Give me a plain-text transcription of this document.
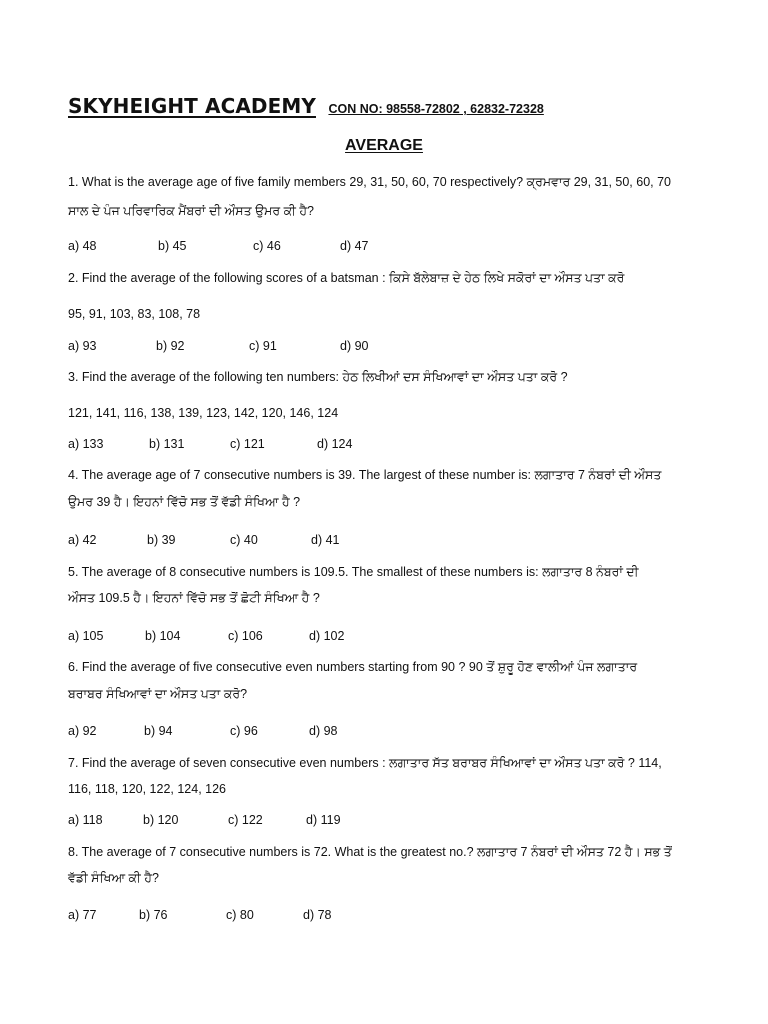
SKYHEIGHT ACADEMY CON NO: 98558-72802 , 62832-72328
AVERAGE
1. What is the average age of five family members 29, 31, 50, 60, 70 respectively? ਕ੍ਰਮਵਾਰ 29, 31, 50, 60, 70
ਸਾਲ ਦੇ ਪੰਜ ਪਰਿਵਾਰਿਕ ਮੈਂਬਰਾਂ ਦੀ ਔਸਤ ਉਮਰ ਕੀ ਹੈ?
a) 48	b) 45	c) 46	d) 47
2. Find the average of the following scores of a batsman : ਕਿਸੇ ਬੱਲੇਬਾਜ਼ ਦੇ ਹੇਠ ਲਿਖੇ ਸਕੋਰਾਂ ਦਾ ਔਸਤ ਪਤਾ ਕਰੋ
95, 91, 103, 83, 108, 78
a) 93	b) 92	c) 91	d) 90
3. Find the average of the following ten numbers: ਹੇਠ ਲਿਖੀਆਂ ਦਸ ਸੰਖਿਆਵਾਂ ਦਾ ਔਸਤ ਪਤਾ ਕਰੋ ?
121, 141, 116, 138, 139, 123, 142, 120, 146, 124
a) 133	b) 131	c) 121	d) 124
4. The average age of 7 consecutive numbers is 39. The largest of these number is: ਲਗਾਤਾਰ 7 ਨੰਬਰਾਂ ਦੀ ਔਸਤ
ਉਮਰ 39 ਹੈ। ਇਹਨਾਂ ਵਿੱਚੋ ਸਭ ਤੋਂ ਵੱਡੀ ਸੰਖਿਆ ਹੈ ?
a) 42	b) 39	c) 40	d) 41
5. The average of 8 consecutive numbers is 109.5. The smallest of these numbers is: ਲਗਾਤਾਰ 8 ਨੰਬਰਾਂ ਦੀ
ਔਸਤ 109.5 ਹੈ। ਇਹਨਾਂ ਵਿੱਚੋ ਸਭ ਤੋਂ ਛੋਟੀ ਸੰਖਿਆ ਹੈ ?
a) 105	b) 104	c) 106	d) 102
6. Find the average of five consecutive even numbers starting from 90 ? 90 ਤੋਂ ਸ਼ੁਰੂ ਹੋਣ ਵਾਲੀਆਂ ਪੰਜ ਲਗਾਤਾਰ
ਬਰਾਬਰ ਸੰਖਿਆਵਾਂ ਦਾ ਔਸਤ ਪਤਾ ਕਰੋ?
a) 92	b) 94	c) 96	d) 98
7. Find the average of seven consecutive even numbers : ਲਗਾਤਾਰ ਸੱਤ ਬਰਾਬਰ ਸੰਖਿਆਵਾਂ ਦਾ ਔਸਤ ਪਤਾ ਕਰੋ ? 114,
116, 118, 120, 122, 124, 126
a) 118	b) 120	c) 122	d) 119
8. The average of 7 consecutive numbers is 72. What is the greatest no.? ਲਗਾਤਾਰ 7 ਨੰਬਰਾਂ ਦੀ ਔਸਤ 72 ਹੈ। ਸਭ ਤੋਂ
ਵੱਡੀ ਸੰਖਿਆ ਕੀ ਹੈ?
a) 77	b) 76	c) 80	d) 78
